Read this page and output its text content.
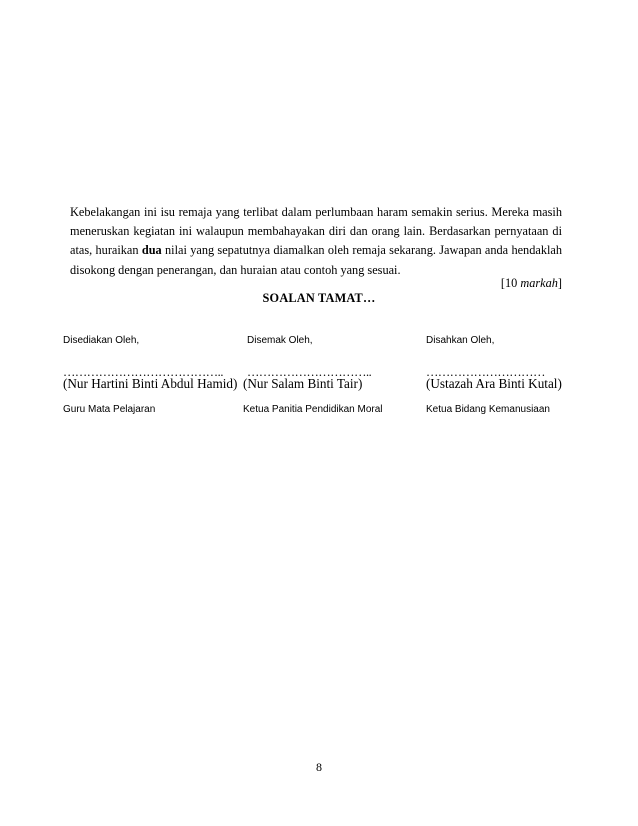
Kebelakangan ini isu remaja yang terlibat dalam perlumbaan haram semakin serius. Mereka masih meneruskan kegiatan ini walaupun membahayakan diri dan orang lain. Berdasarkan pernyataan di atas, huraikan dua nilai yang sepatutnya diamalkan oleh remaja sekarang. Jawapan anda hendaklah disokong dengan penerangan, dan huraian atau contoh yang sesuai.

[10 markah]
SOALAN TAMAT…
Disediakan Oleh,	Disemak Oleh,	Disahkan Oleh,
………………………………….. …………………………..	…………………………
(Nur Hartini Binti Abdul Hamid) (Nur Salam Binti Tair)	(Ustazah Ara Binti Kutal)
Guru Mata Pelajaran	Ketua Panitia Pendidikan Moral	Ketua Bidang Kemanusiaan
8
